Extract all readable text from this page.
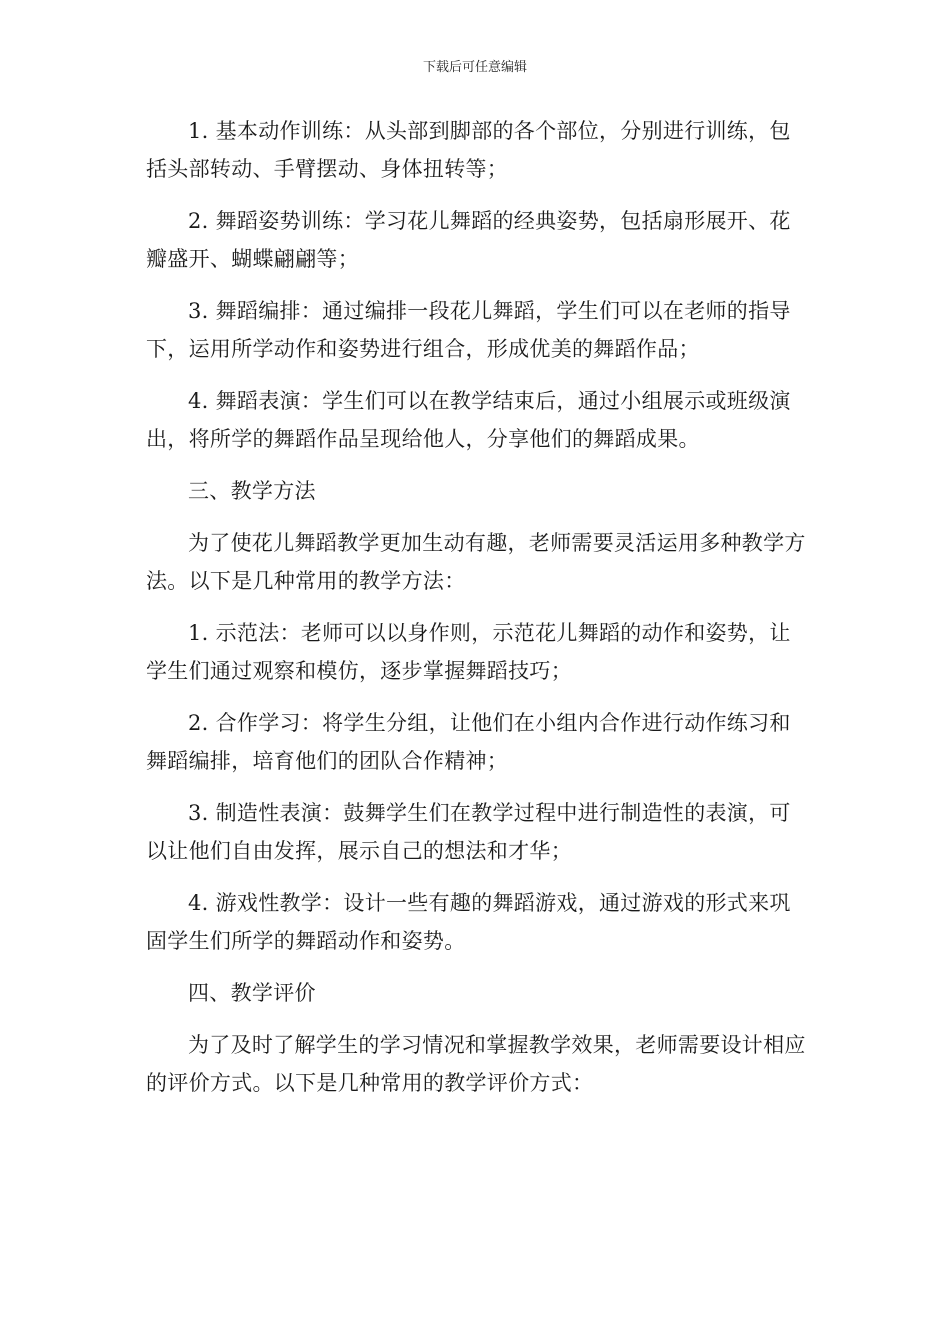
下载后可任意编辑

1. 基本动作训练：从头部到脚部的各个部位，分别进行训练，包括头部转动、手臂摆动、身体扭转等；

2. 舞蹈姿势训练：学习花儿舞蹈的经典姿势，包括扇形展开、花瓣盛开、蝴蝶翩翩等；

3. 舞蹈编排：通过编排一段花儿舞蹈，学生们可以在老师的指导下，运用所学动作和姿势进行组合，形成优美的舞蹈作品；

4. 舞蹈表演：学生们可以在教学结束后，通过小组展示或班级演出，将所学的舞蹈作品呈现给他人，分享他们的舞蹈成果。

三、教学方法

为了使花儿舞蹈教学更加生动有趣，老师需要灵活运用多种教学方法。以下是几种常用的教学方法：

1. 示范法：老师可以以身作则，示范花儿舞蹈的动作和姿势，让学生们通过观察和模仿，逐步掌握舞蹈技巧；

2. 合作学习：将学生分组，让他们在小组内合作进行动作练习和舞蹈编排，培育他们的团队合作精神；

3. 制造性表演：鼓舞学生们在教学过程中进行制造性的表演，可以让他们自由发挥，展示自己的想法和才华；

4. 游戏性教学：设计一些有趣的舞蹈游戏，通过游戏的形式来巩固学生们所学的舞蹈动作和姿势。

四、教学评价

为了及时了解学生的学习情况和掌握教学效果，老师需要设计相应的评价方式。以下是几种常用的教学评价方式：
